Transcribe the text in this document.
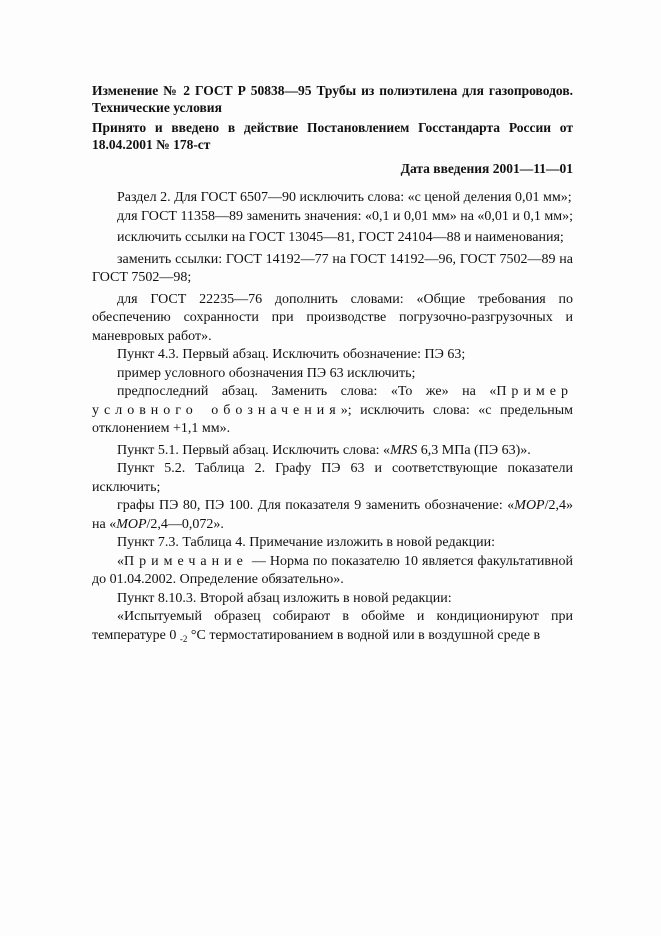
Изменение № 2 ГОСТ Р 50838—95 Трубы из полиэтилена для газопроводов. Технические условия

Принято и введено в действие Постановлением Госстандарта России от 18.04.2001 № 178-ст

Дата введения 2001—11—01

Раздел 2. Для ГОСТ 6507—90 исключить слова: «с ценой деления 0,01 мм»;

для ГОСТ 11358—89 заменить значения: «0,1 и 0,01 мм» на «0,01 и 0,1 мм»;

исключить ссылки на ГОСТ 13045—81, ГОСТ 24104—88 и наименования;

заменить ссылки: ГОСТ 14192—77 на ГОСТ 14192—96, ГОСТ 7502—89 на ГОСТ 7502—98;

для ГОСТ 22235—76 дополнить словами: «Общие требования по обеспечению сохранности при производстве погрузочно-разгрузочных и маневровых работ».

Пункт 4.3. Первый абзац. Исключить обозначение: ПЭ 63;

пример условного обозначения ПЭ 63 исключить;

предпоследний абзац. Заменить слова: «То же» на «Пример условного обозначения»; исключить слова: «с предельным отклонением +1,1 мм».

Пункт 5.1. Первый абзац. Исключить слова: «MRS 6,3 МПа (ПЭ 63)».

Пункт 5.2. Таблица 2. Графу ПЭ 63 и соответствующие показатели исключить;

графы ПЭ 80, ПЭ 100. Для показателя 9 заменить обозначение: «MOP/2,4» на «MOP/2,4—0,072».

Пункт 7.3. Таблица 4. Примечание изложить в новой редакции:

«Примечание — Норма по показателю 10 является факультативной до 01.04.2002. Определение обязательно».

Пункт 8.10.3. Второй абзац изложить в новой редакции:

«Испытуемый образец собирают в обойме и кондиционируют при температуре 0 $_{-2}$ °С термостатированием в водной или в воздушной среде в
